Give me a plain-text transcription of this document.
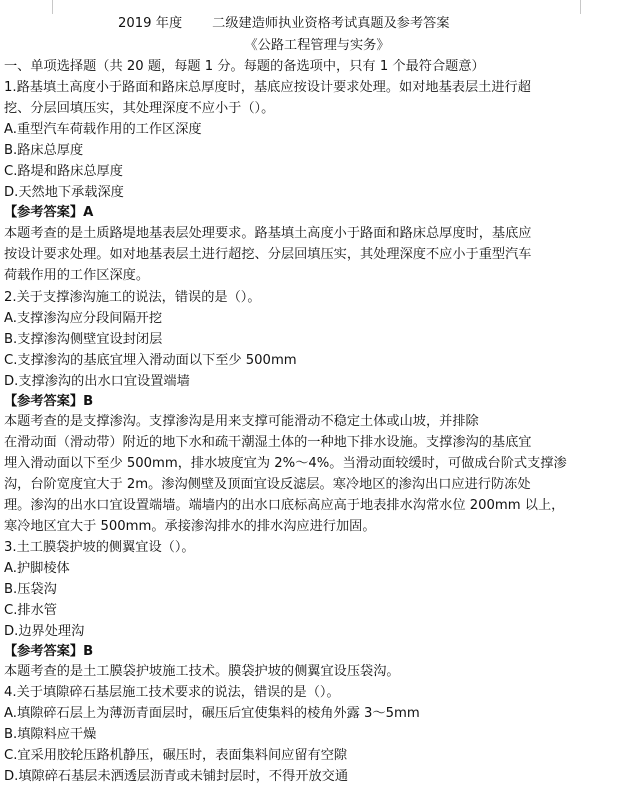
2019 年度 二级建造师执业资格考试真题及参考答案
《公路工程管理与实务》
一、单项选择题（共 20 题，每题 1 分。每题的备选项中，只有 1 个最符合题意）
1.路基填土高度小于路面和路床总厚度时，基底应按设计要求处理。如对地基表层土进行超
挖、分层回填压实，其处理深度不应小于（）。
A.重型汽车荷载作用的工作区深度
B.路床总厚度
C.路堤和路床总厚度
D.天然地下承载深度
【参考答案】A
本题考查的是土质路堤地基表层处理要求。路基填土高度小于路面和路床总厚度时，基底应
按设计要求处理。如对地基表层土进行超挖、分层回填压实，其处理深度不应小于重型汽车
荷载作用的工作区深度。
2.关于支撑渗沟施工的说法，错误的是（）。
A.支撑渗沟应分段间隔开挖
B.支撑渗沟侧壁宜设封闭层
C.支撑渗沟的基底宜埋入滑动面以下至少 500mm
D.支撑渗沟的出水口宜设置端墙
【参考答案】B
本题考查的是支撑渗沟。支撑渗沟是用来支撑可能滑动不稳定土体或山坡，并排除
在滑动面（滑动带）附近的地下水和疏干潮湿土体的一种地下排水设施。支撑渗沟的基底宜
埋入滑动面以下至少 500mm，排水坡度宜为 2%～4%。当滑动面较缓时，可做成台阶式支撑渗
沟，台阶宽度宜大于 2m。渗沟侧壁及顶面宜设反滤层。寒冷地区的渗沟出口应进行防冻处
理。渗沟的出水口宜设置端墙。端墙内的出水口底标高应高于地表排水沟常水位 200mm 以上，
寒冷地区宜大于 500mm。承接渗沟排水的排水沟应进行加固。
3.土工膜袋护坡的侧翼宜设（）。
A.护脚棱体
B.压袋沟
C.排水管
D.边界处理沟
【参考答案】B
本题考查的是土工膜袋护坡施工技术。膜袋护坡的侧翼宜设压袋沟。
4.关于填隙碎石基层施工技术要求的说法，错误的是（）。
A.填隙碎石层上为薄沥青面层时，碾压后宜使集料的棱角外露 3～5mm
B.填隙料应干燥
C.宜采用胶轮压路机静压，碾压时，表面集料间应留有空隙
D.填隙碎石基层未洒透层沥青或未铺封层时，不得开放交通
